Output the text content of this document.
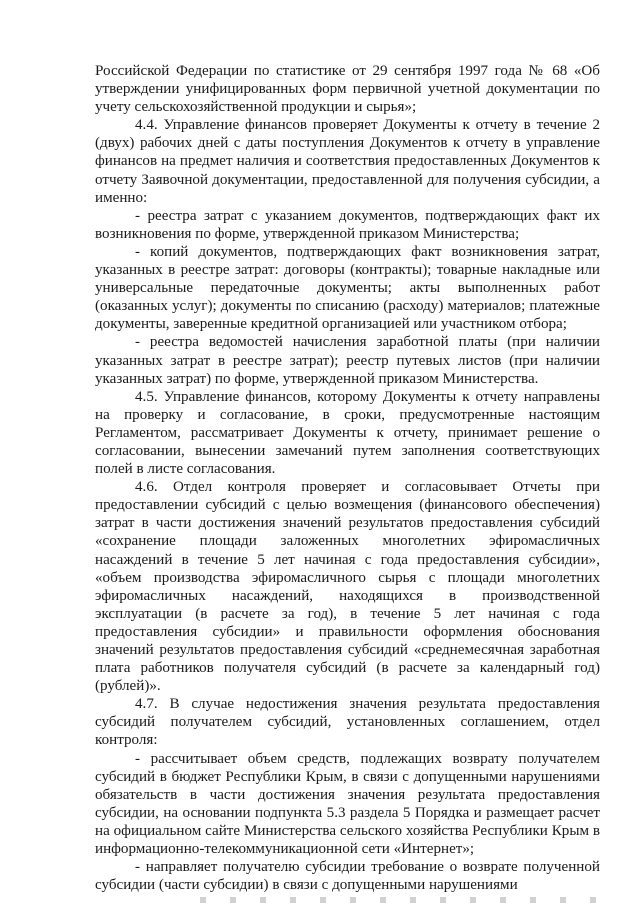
Российской Федерации по статистике от 29 сентября 1997 года № 68 «Об утверждении унифицированных форм первичной учетной документации по учету сельскохозяйственной продукции и сырья»;

4.4. Управление финансов проверяет Документы к отчету в течение 2 (двух) рабочих дней с даты поступления Документов к отчету в управление финансов на предмет наличия и соответствия предоставленных Документов к отчету Заявочной документации, предоставленной для получения субсидии, а именно:

- реестра затрат с указанием документов, подтверждающих факт их возникновения по форме, утвержденной приказом Министерства;

- копий документов, подтверждающих факт возникновения затрат, указанных в реестре затрат: договоры (контракты); товарные накладные или универсальные передаточные документы; акты выполненных работ (оказанных услуг); документы по списанию (расходу) материалов; платежные документы, заверенные кредитной организацией или участником отбора;

- реестра ведомостей начисления заработной платы (при наличии указанных затрат в реестре затрат); реестр путевых листов (при наличии указанных затрат) по форме, утвержденной приказом Министерства.

4.5. Управление финансов, которому Документы к отчету направлены на проверку и согласование, в сроки, предусмотренные настоящим Регламентом, рассматривает Документы к отчету, принимает решение о согласовании, вынесении замечаний путем заполнения соответствующих полей в листе согласования.

4.6. Отдел контроля проверяет и согласовывает Отчеты при предоставлении субсидий с целью возмещения (финансового обеспечения) затрат в части достижения значений результатов предоставления субсидий «сохранение площади заложенных многолетних эфиромасличных насаждений в течение 5 лет начиная с года предоставления субсидии», «объем производства эфиромасличного сырья с площади многолетних эфиромасличных насаждений, находящихся в производственной эксплуатации (в расчете за год), в течение 5 лет начиная с года предоставления субсидии» и правильности оформления обоснования значений результатов предоставления субсидий «среднемесячная заработная плата работников получателя субсидий (в расчете за календарный год) (рублей)».

4.7. В случае недостижения значения результата предоставления субсидий получателем субсидий, установленных соглашением, отдел контроля:

- рассчитывает объем средств, подлежащих возврату получателем субсидий в бюджет Республики Крым, в связи с допущенными нарушениями обязательств в части достижения значения результата предоставления субсидии, на основании подпункта 5.3 раздела 5 Порядка и размещает расчет на официальном сайте Министерства сельского хозяйства Республики Крым в информационно-телекоммуникационной сети «Интернет»;

- направляет получателю субсидии требование о возврате полученной субсидии (части субсидии) в связи с допущенными нарушениями
